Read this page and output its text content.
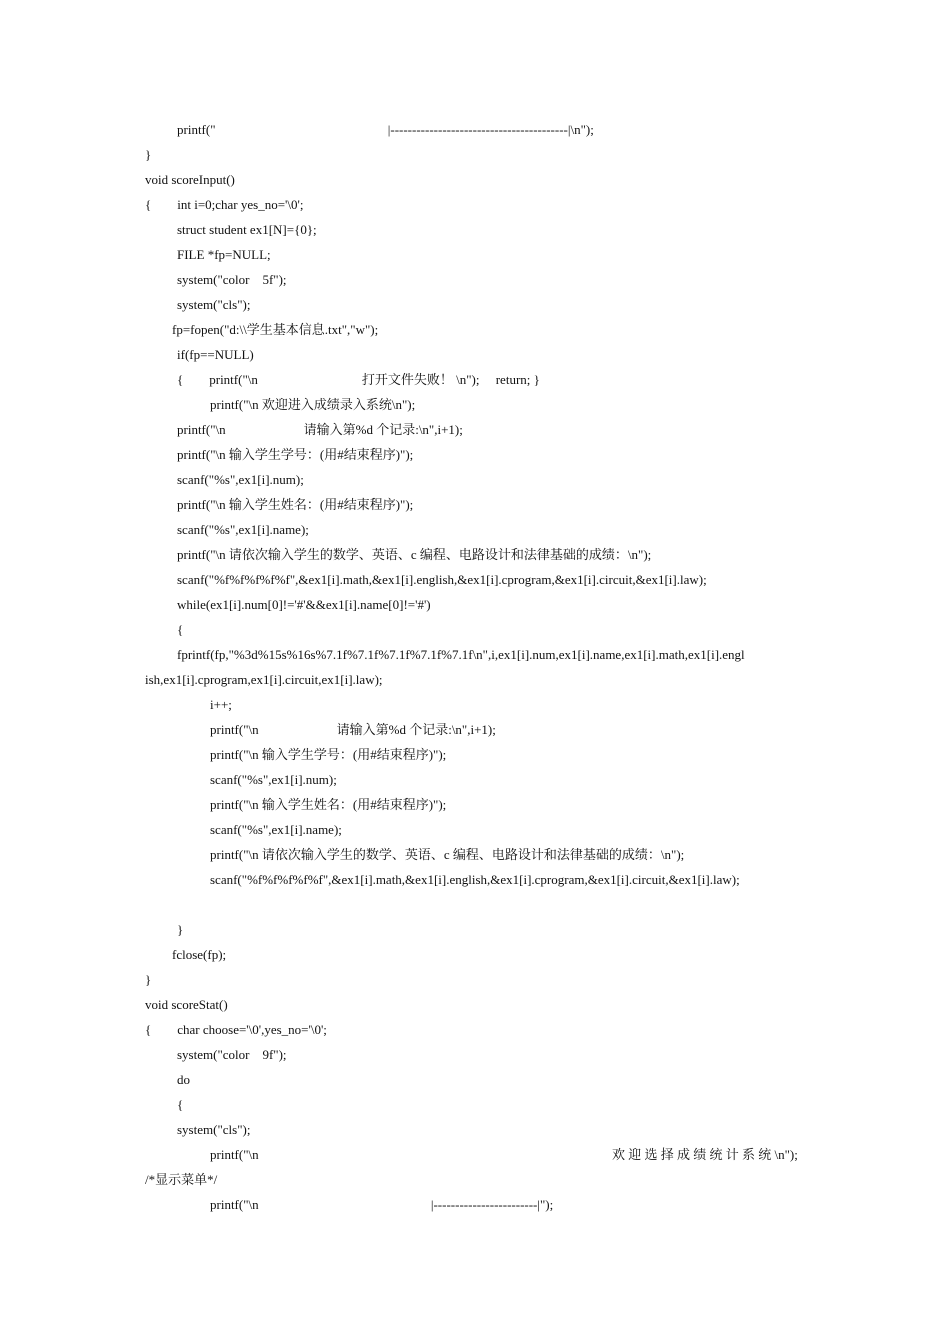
printf("                                                     |-----------------------------------------|\n");
}
void scoreInput()
{        int i=0;char yes_no='\0';
struct student ex1[N]={0};
FILE *fp=NULL;
system("color    5f");
system("cls");
fp=fopen("d:\\学生基本信息.txt","w");
if(fp==NULL)
{        printf("\n                                打开文件失败！ \n");     return; }
printf("\n 欢迎进入成绩录入系统\n");
printf("\n                        请输入第%d 个记录:\n",i+1);
printf("\n 输入学生学号：(用#结束程序)");
scanf("%s",ex1[i].num);
printf("\n 输入学生姓名：(用#结束程序)");
scanf("%s",ex1[i].name);
printf("\n 请依次输入学生的数学、英语、c 编程、电路设计和法律基础的成绩：\n");
scanf("%f%f%f%f%f",&ex1[i].math,&ex1[i].english,&ex1[i].cprogram,&ex1[i].circuit,&ex1[i].law);
while(ex1[i].num[0]!='#'&&ex1[i].name[0]!='#')
{
fprintf(fp,"%3d%15s%16s%7.1f%7.1f%7.1f%7.1f%7.1f\n",i,ex1[i].num,ex1[i].name,ex1[i].math,ex1[i].engl
ish,ex1[i].cprogram,ex1[i].circuit,ex1[i].law);
i++;
printf("\n                        请输入第%d 个记录:\n",i+1);
printf("\n 输入学生学号：(用#结束程序)");
scanf("%s",ex1[i].num);
printf("\n 输入学生姓名：(用#结束程序)");
scanf("%s",ex1[i].name);
printf("\n 请依次输入学生的数学、英语、c 编程、电路设计和法律基础的成绩：\n");
scanf("%f%f%f%f%f",&ex1[i].math,&ex1[i].english,&ex1[i].cprogram,&ex1[i].circuit,&ex1[i].law);
}
fclose(fp);
}
void scoreStat()
{        char choose='\0',yes_no='\0';
system("color    9f");
do
{
system("cls");
printf("\n	欢 迎 选 择 成 绩 统 计 系 统 \n");
/*显示菜单*/
printf("\n                                                     |------------------------|");
